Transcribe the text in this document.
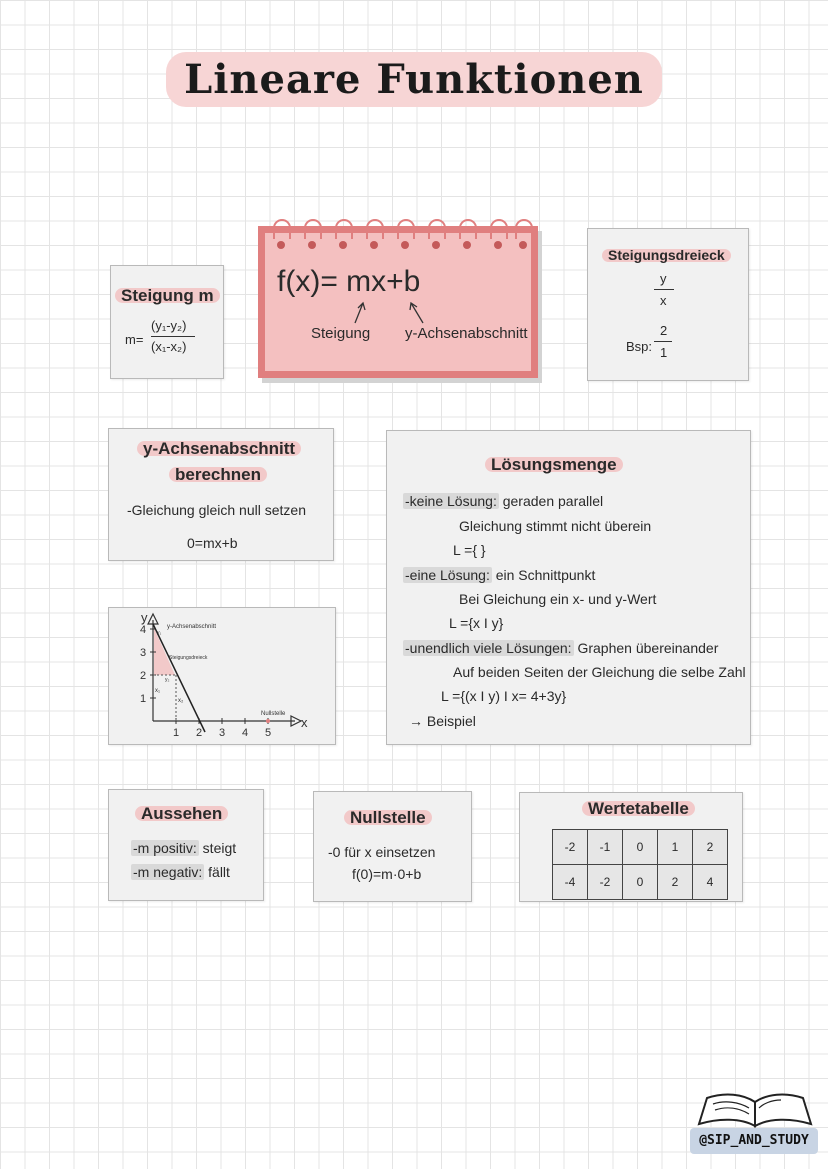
Lineare Funktionen
Steigung m
m=
(y₁-y₂)
(x₁-x₂)
f(x)= mx+b
Steigung y-Achsenabschnitt
Steigungsdreieck
y
x
Bsp:
2
1
y-Achsenabschnitt
berechnen
-Gleichung gleich null setzen
0=mx+b
x
y
1 2 3 4 5
1
2
3
4	y-Achsenabschnitt
Steigungsdreieck
Nullstelle
x₁
x₂
y₁
y₂
Lösungsmenge
-keine Lösung: geraden parallel
Gleichung stimmt nicht überein
L ={ }
-eine Lösung: ein Schnittpunkt
Bei Gleichung ein x- und y-Wert
L ={x I y}
-unendlich viele Lösungen: Graphen übereinander
Auf beiden Seiten der Gleichung die selbe Zahl
L ={(x I y) I x= 4+3y}
→ Beispiel
Aussehen
-m positiv: steigt
-m negativ: fällt
Nullstelle
-0 für x einsetzen
f(0)=m·0+b
Wertetabelle
-2	-1	0	1	2
-4	-2	0	2	4
@SIP_AND_STUDY
